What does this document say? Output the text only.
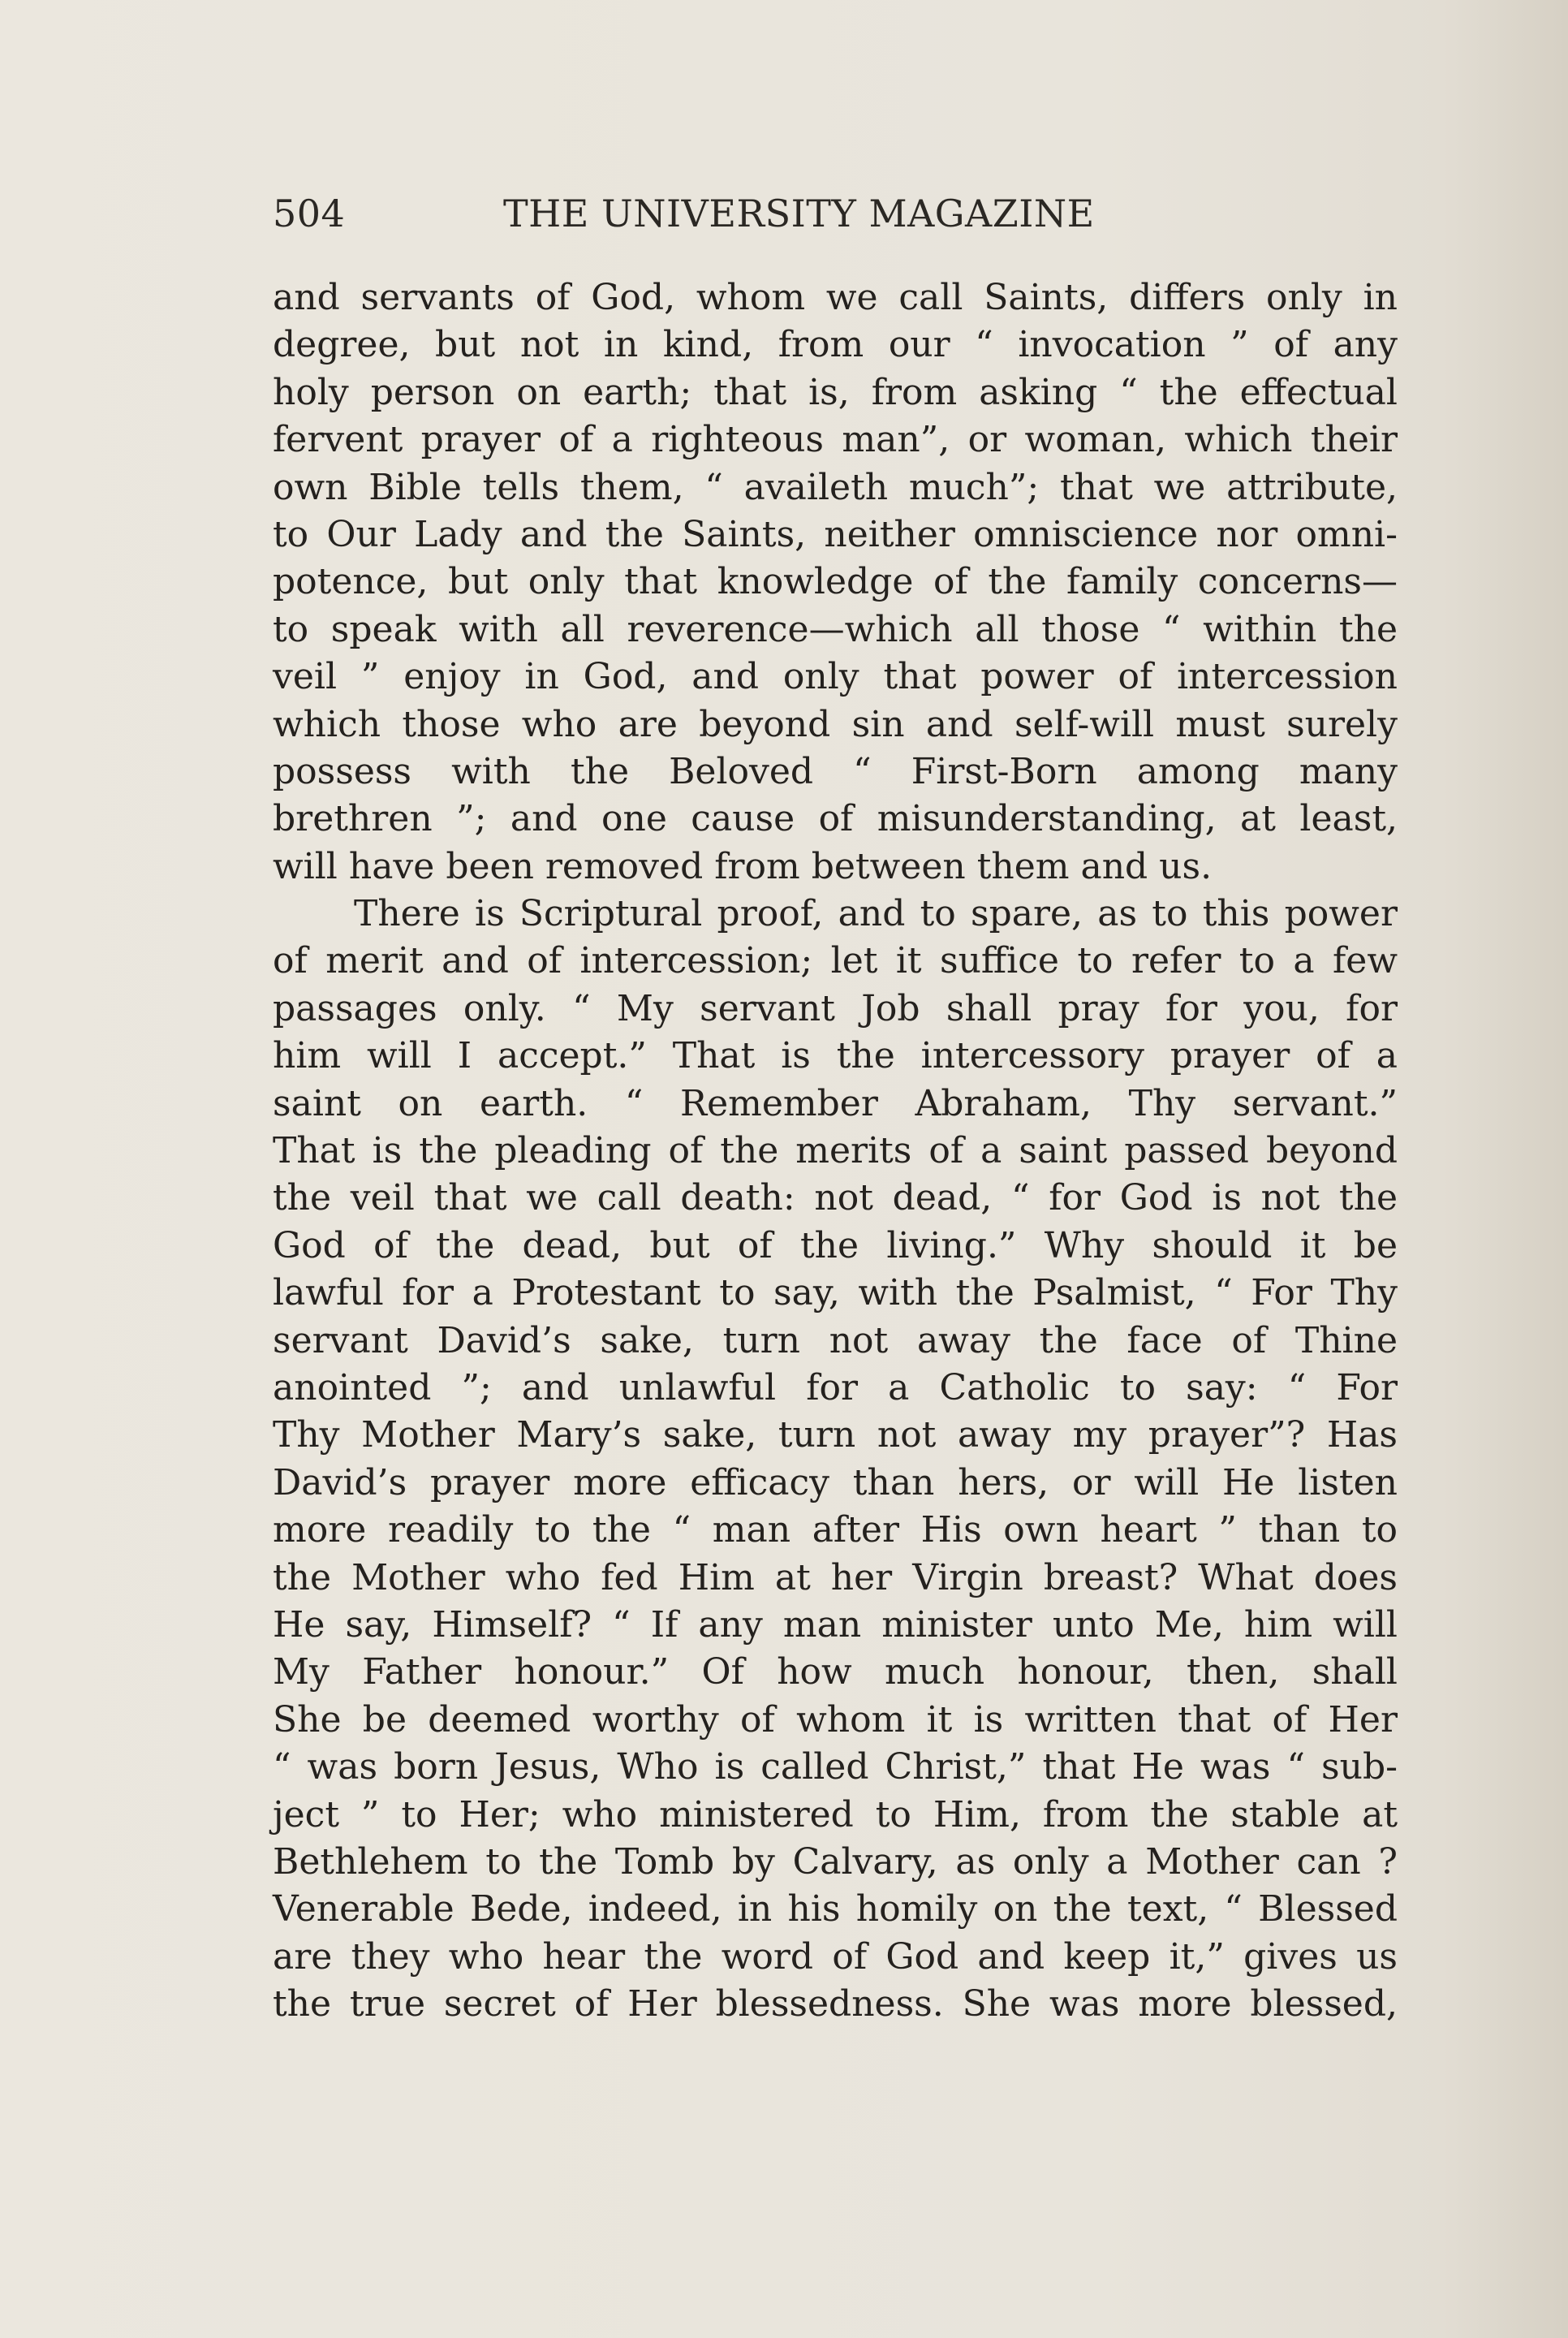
504	THE UNIVERSITY MAGAZINE
and servants of God, whom we call Saints, differs only in
degree, but not in kind, from our “ invocation ” of any
holy person on earth; that is, from asking “ the effectual
fervent prayer of a righteous man”, or woman, which their
own Bible tells them, “ availeth much”; that we attribute,
to Our Lady and the Saints, neither omniscience nor omni-
potence, but only that knowledge of the family concerns—
to speak with all reverence—which all those “ within the
veil ” enjoy in God, and only that power of intercession
which those who are beyond sin and self-will must surely
possess with the Beloved “ First-Born among many
brethren ”; and one cause of misunderstanding, at least,
will have been removed from between them and us.
There is Scriptural proof, and to spare, as to this power
of merit and of intercession; let it suffice to refer to a few
passages only. “ My servant Job shall pray for you, for
him will I accept.” That is the intercessory prayer of a
saint on earth. “ Remember Abraham, Thy servant.”
That is the pleading of the merits of a saint passed beyond
the veil that we call death: not dead, “ for God is not the
God of the dead, but of the living.” Why should it be
lawful for a Protestant to say, with the Psalmist, “ For Thy
servant David’s sake, turn not away the face of Thine
anointed ”; and unlawful for a Catholic to say: “ For
Thy Mother Mary’s sake, turn not away my prayer”? Has
David’s prayer more efficacy than hers, or will He listen
more readily to the “ man after His own heart ” than to
the Mother who fed Him at her Virgin breast? What does
He say, Himself? “ If any man minister unto Me, him will
My Father honour.” Of how much honour, then, shall
She be deemed worthy of whom it is written that of Her
“ was born Jesus, Who is called Christ,” that He was “ sub-
ject ” to Her; who ministered to Him, from the stable at
Bethlehem to the Tomb by Calvary, as only a Mother can ?
Venerable Bede, indeed, in his homily on the text, “ Blessed
are they who hear the word of God and keep it,” gives us
the true secret of Her blessedness. She was more blessed,
